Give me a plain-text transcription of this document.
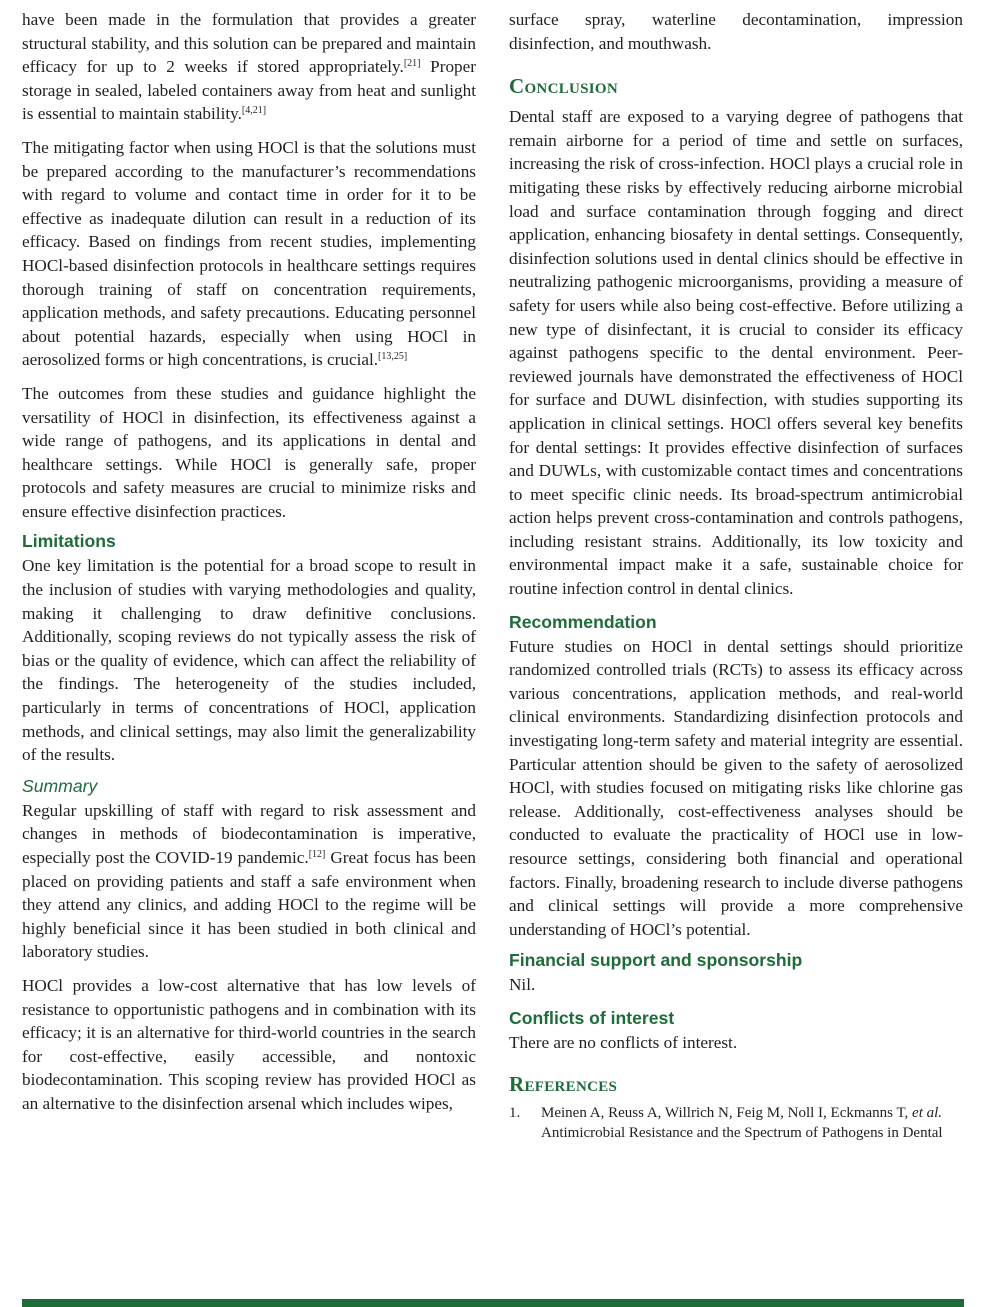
have been made in the formulation that provides a greater structural stability, and this solution can be prepared and maintain efficacy for up to 2 weeks if stored appropriately.[21] Proper storage in sealed, labeled containers away from heat and sunlight is essential to maintain stability.[4,21]

The mitigating factor when using HOCl is that the solutions must be prepared according to the manufacturer’s recommendations with regard to volume and contact time in order for it to be effective as inadequate dilution can result in a reduction of its efficacy. Based on findings from recent studies, implementing HOCl-based disinfection protocols in healthcare settings requires thorough training of staff on concentration requirements, application methods, and safety precautions. Educating personnel about potential hazards, especially when using HOCl in aerosolized forms or high concentrations, is crucial.[13,25]

The outcomes from these studies and guidance highlight the versatility of HOCl in disinfection, its effectiveness against a wide range of pathogens, and its applications in dental and healthcare settings. While HOCl is generally safe, proper protocols and safety measures are crucial to minimize risks and ensure effective disinfection practices.

Limitations

One key limitation is the potential for a broad scope to result in the inclusion of studies with varying methodologies and quality, making it challenging to draw definitive conclusions. Additionally, scoping reviews do not typically assess the risk of bias or the quality of evidence, which can affect the reliability of the findings. The heterogeneity of the studies included, particularly in terms of concentrations of HOCl, application methods, and clinical settings, may also limit the generalizability of the results.

Summary

Regular upskilling of staff with regard to risk assessment and changes in methods of biodecontamination is imperative, especially post the COVID-19 pandemic.[12] Great focus has been placed on providing patients and staff a safe environment when they attend any clinics, and adding HOCl to the regime will be highly beneficial since it has been studied in both clinical and laboratory studies.

HOCl provides a low-cost alternative that has low levels of resistance to opportunistic pathogens and in combination with its efficacy; it is an alternative for third-world countries in the search for cost-effective, easily accessible, and nontoxic biodecontamination. This scoping review has provided HOCl as an alternative to the disinfection arsenal which includes wipes,

surface spray, waterline decontamination, impression disinfection, and mouthwash.

Conclusion

Dental staff are exposed to a varying degree of pathogens that remain airborne for a period of time and settle on surfaces, increasing the risk of cross-infection. HOCl plays a crucial role in mitigating these risks by effectively reducing airborne microbial load and surface contamination through fogging and direct application, enhancing biosafety in dental settings. Consequently, disinfection solutions used in dental clinics should be effective in neutralizing pathogenic microorganisms, providing a measure of safety for users while also being cost-effective. Before utilizing a new type of disinfectant, it is crucial to consider its efficacy against pathogens specific to the dental environment. Peer-reviewed journals have demonstrated the effectiveness of HOCl for surface and DUWL disinfection, with studies supporting its application in clinical settings. HOCl offers several key benefits for dental settings: It provides effective disinfection of surfaces and DUWLs, with customizable contact times and concentrations to meet specific clinic needs. Its broad-spectrum antimicrobial action helps prevent cross-contamination and controls pathogens, including resistant strains. Additionally, its low toxicity and environmental impact make it a safe, sustainable choice for routine infection control in dental clinics.

Recommendation

Future studies on HOCl in dental settings should prioritize randomized controlled trials (RCTs) to assess its efficacy across various concentrations, application methods, and real-world clinical environments. Standardizing disinfection protocols and investigating long-term safety and material integrity are essential. Particular attention should be given to the safety of aerosolized HOCl, with studies focused on mitigating risks like chlorine gas release. Additionally, cost-effectiveness analyses should be conducted to evaluate the practicality of HOCl use in low-resource settings, considering both financial and operational factors. Finally, broadening research to include diverse pathogens and clinical settings will provide a more comprehensive understanding of HOCl’s potential.

Financial support and sponsorship

Nil.

Conflicts of interest

There are no conflicts of interest.

References
1.	Meinen A, Reuss A, Willrich N, Feig M, Noll I, Eckmanns T, et al.
Antimicrobial Resistance and the Spectrum of Pathogens in Dental
